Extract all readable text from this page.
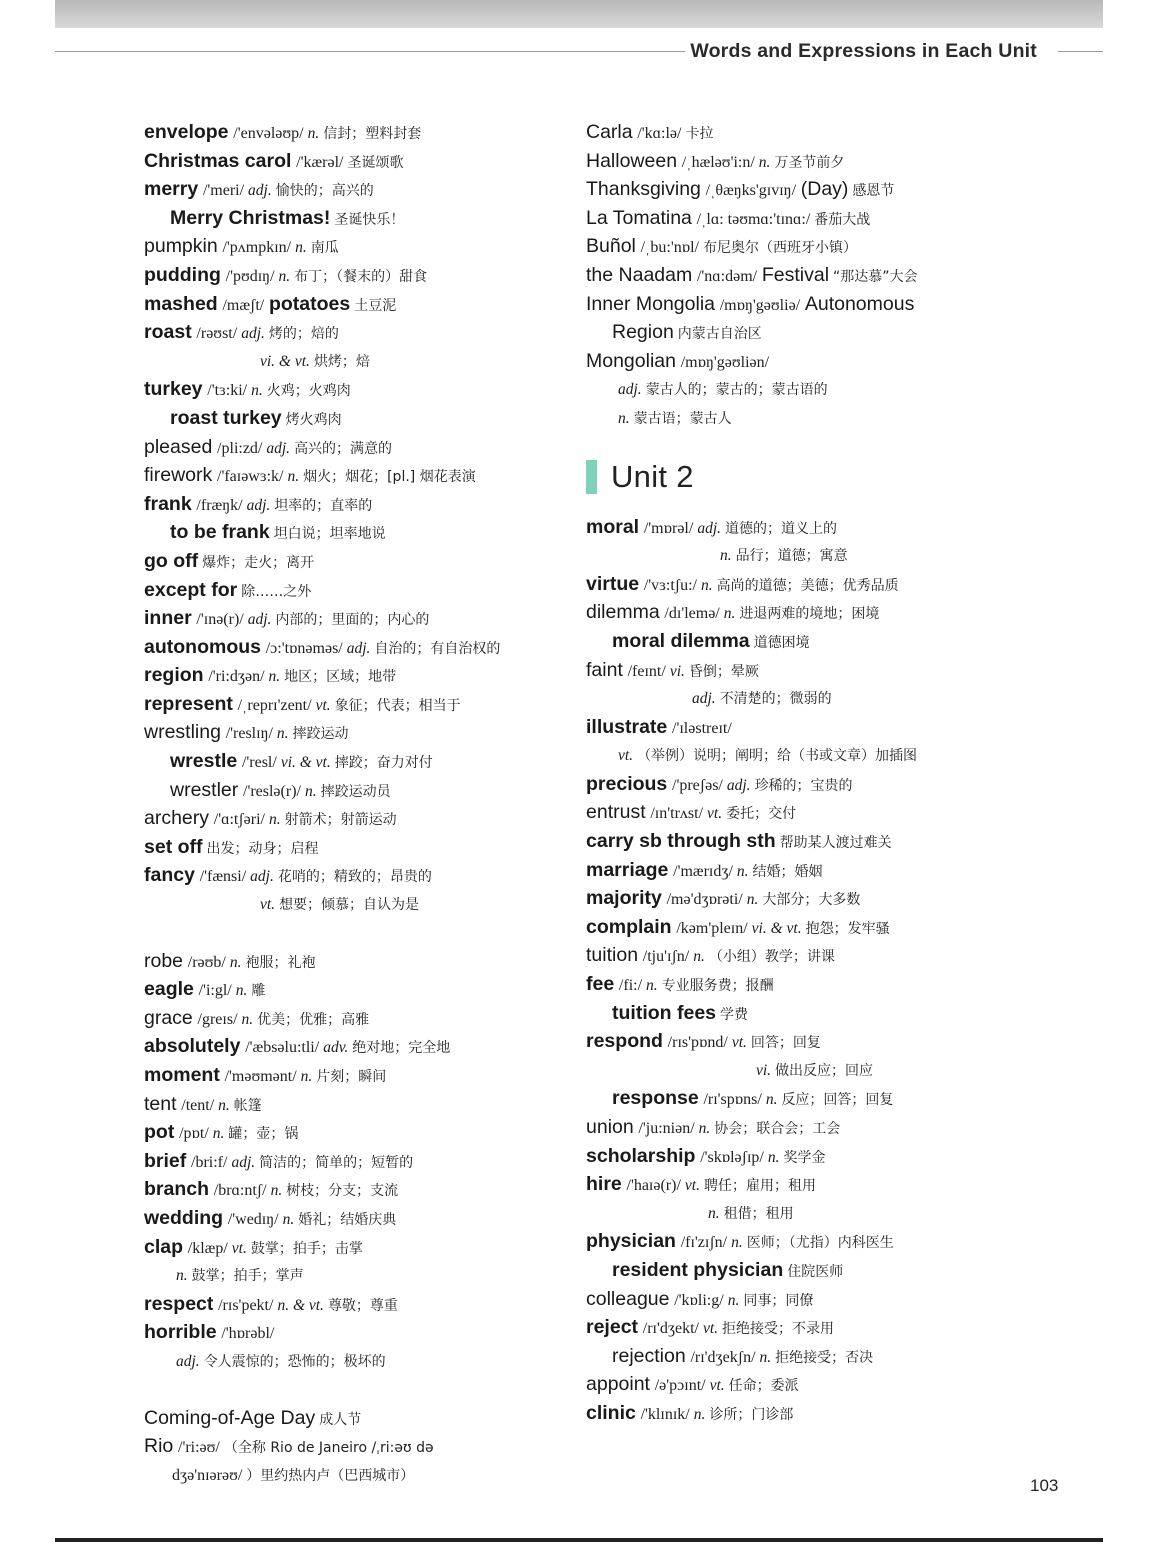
Words and Expressions in Each Unit
envelope /'envələʊp/ n. 信封；塑料封套
Christmas carol /'kærəl/ 圣诞颂歌
merry /'meri/ adj. 愉快的；高兴的
Merry Christmas! 圣诞快乐！
pumpkin /'pʌmpkɪn/ n. 南瓜
pudding /'pʊdɪŋ/ n. 布丁；（餐末的）甜食
mashed /mæʃt/ potatoes 土豆泥
roast /rəʊst/ adj. 烤的；焙的
vi. & vt. 烘烤；焙
turkey /'tɜ:ki/ n. 火鸡；火鸡肉
roast turkey 烤火鸡肉
pleased /pli:zd/ adj. 高兴的；满意的
firework /'faɪəwɜ:k/ n. 烟火；烟花；[pl.] 烟花表演
frank /fræŋk/ adj. 坦率的；直率的
to be frank 坦白说；坦率地说
go off 爆炸；走火；离开
except for 除……之外
inner /'ɪnə(r)/ adj. 内部的；里面的；内心的
autonomous /ɔ:'tɒnəməs/ adj. 自治的；有自治权的
region /'ri:dʒən/ n. 地区；区域；地带
represent /ˌreprɪ'zent/ vt. 象征；代表；相当于
wrestling /'reslɪŋ/ n. 摔跤运动
wrestle /'resl/ vi. & vt. 摔跤；奋力对付
wrestler /'reslə(r)/ n. 摔跤运动员
archery /'ɑ:tʃəri/ n. 射箭术；射箭运动
set off 出发；动身；启程
fancy /'fænsi/ adj. 花哨的；精致的；昂贵的
vt. 想要；倾慕；自认为是
robe /rəʊb/ n. 袍服；礼袍
eagle /'i:gl/ n. 雕
grace /greɪs/ n. 优美；优雅；高雅
absolutely /'æbsəlu:tli/ adv. 绝对地；完全地
moment /'məʊmənt/ n. 片刻；瞬间
tent /tent/ n. 帐篷
pot /pɒt/ n. 罐；壶；锅
brief /bri:f/ adj. 简洁的；简单的；短暂的
branch /brɑ:ntʃ/ n. 树枝；分支；支流
wedding /'wedɪŋ/ n. 婚礼；结婚庆典
clap /klæp/ vt. 鼓掌；拍手；击掌
n. 鼓掌；拍手；掌声
respect /rɪs'pekt/ n. & vt. 尊敬；尊重
horrible /'hɒrəbl/
adj. 令人震惊的；恐怖的；极坏的
Coming-of-Age Day 成人节
Rio /'ri:əʊ/ （全称 Rio de Janeiro /ˌri:əʊ də
dʒə'nɪərəʊ/ ）里约热内卢（巴西城市）
Carla /'kɑ:lə/ 卡拉
Halloween /ˌhæləʊ'i:n/ n. 万圣节前夕
Thanksgiving /ˌθæŋks'gɪvɪŋ/ (Day) 感恩节
La Tomatina /ˌlɑ: təʊmɑ:'tɪnɑ:/ 番茄大战
Buñol /ˌbu:'nɒl/ 布尼奥尔（西班牙小镇）
the Naadam /'nɑ:dəm/ Festival “那达慕”大会
Inner Mongolia /mɒŋ'gəʊliə/ Autonomous
Region 内蒙古自治区
Mongolian /mɒŋ'gəʊliən/
adj. 蒙古人的；蒙古的；蒙古语的
n. 蒙古语；蒙古人
Unit 2
moral /'mɒrəl/ adj. 道德的；道义上的
n. 品行；道德；寓意
virtue /'vɜ:tʃu:/ n. 高尚的道德；美德；优秀品质
dilemma /dɪ'lemə/ n. 进退两难的境地；困境
moral dilemma 道德困境
faint /feɪnt/ vi. 昏倒；晕厥
adj. 不清楚的；微弱的
illustrate /'ɪləstreɪt/
vt. （举例）说明；阐明；给（书或文章）加插图
precious /'preʃəs/ adj. 珍稀的；宝贵的
entrust /ɪn'trʌst/ vt. 委托；交付
carry sb through sth 帮助某人渡过难关
marriage /'mærɪdʒ/ n. 结婚；婚姻
majority /mə'dʒɒrəti/ n. 大部分；大多数
complain /kəm'pleɪn/ vi. & vt. 抱怨；发牢骚
tuition /tju'ɪʃn/ n. （小组）教学；讲课
fee /fi:/ n. 专业服务费；报酬
tuition fees 学费
respond /rɪs'pɒnd/ vt. 回答；回复
vi. 做出反应；回应
response /rɪ'spɒns/ n. 反应；回答；回复
union /'ju:niən/ n. 协会；联合会；工会
scholarship /'skɒləʃɪp/ n. 奖学金
hire /'haɪə(r)/ vt. 聘任；雇用；租用
n. 租借；租用
physician /fɪ'zɪʃn/ n. 医师；（尤指）内科医生
resident physician 住院医师
colleague /'kɒli:g/ n. 同事；同僚
reject /rɪ'dʒekt/ vt. 拒绝接受；不录用
rejection /rɪ'dʒekʃn/ n. 拒绝接受；否决
appoint /ə'pɔɪnt/ vt. 任命；委派
clinic /'klɪnɪk/ n. 诊所；门诊部
103
